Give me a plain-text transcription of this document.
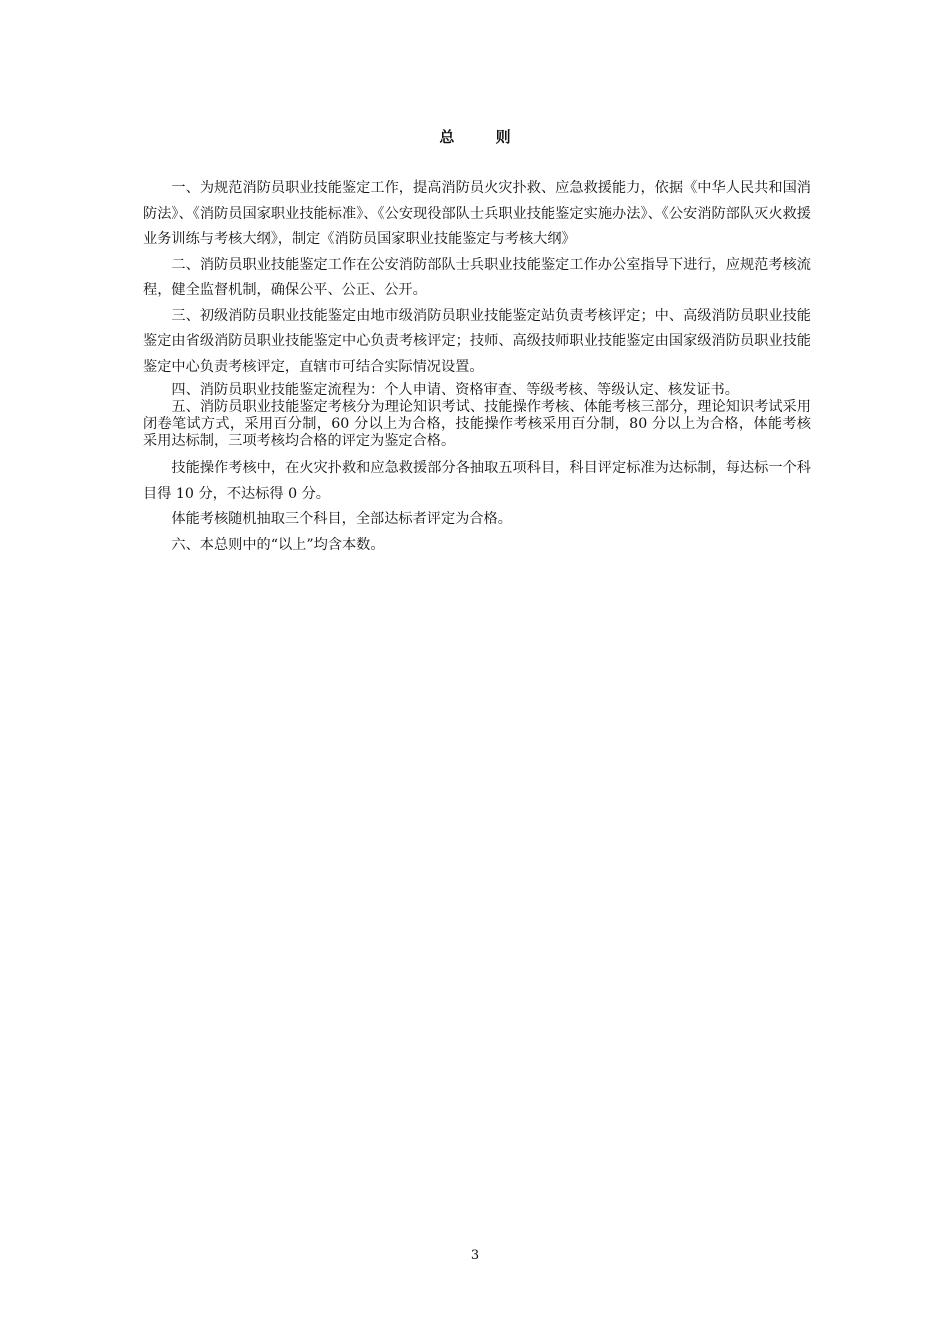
总 则

一、为规范消防员职业技能鉴定工作，提高消防员火灾扑救、应急救援能力，依据《中华人民共和国消防法》、《消防员国家职业技能标准》、《公安现役部队士兵职业技能鉴定实施办法》、《公安消防部队灭火救援业务训练与考核大纲》，制定《消防员国家职业技能鉴定与考核大纲》

二、消防员职业技能鉴定工作在公安消防部队士兵职业技能鉴定工作办公室指导下进行，应规范考核流程，健全监督机制，确保公平、公正、公开。

三、初级消防员职业技能鉴定由地市级消防员职业技能鉴定站负责考核评定；中、高级消防员职业技能鉴定由省级消防员职业技能鉴定中心负责考核评定；技师、高级技师职业技能鉴定由国家级消防员职业技能鉴定中心负责考核评定，直辖市可结合实际情况设置。

四、消防员职业技能鉴定流程为：个人申请、资格审查、等级考核、等级认定、核发证书。

五、消防员职业技能鉴定考核分为理论知识考试、技能操作考核、体能考核三部分，理论知识考试采用闭卷笔试方式，采用百分制，60 分以上为合格，技能操作考核采用百分制，80 分以上为合格，体能考核采用达标制，三项考核均合格的评定为鉴定合格。

技能操作考核中，在火灾扑救和应急救援部分各抽取五项科目，科目评定标准为达标制，每达标一个科目得 10 分，不达标得 0 分。

体能考核随机抽取三个科目，全部达标者评定为合格。

六、本总则中的“以上”均含本数。

3
